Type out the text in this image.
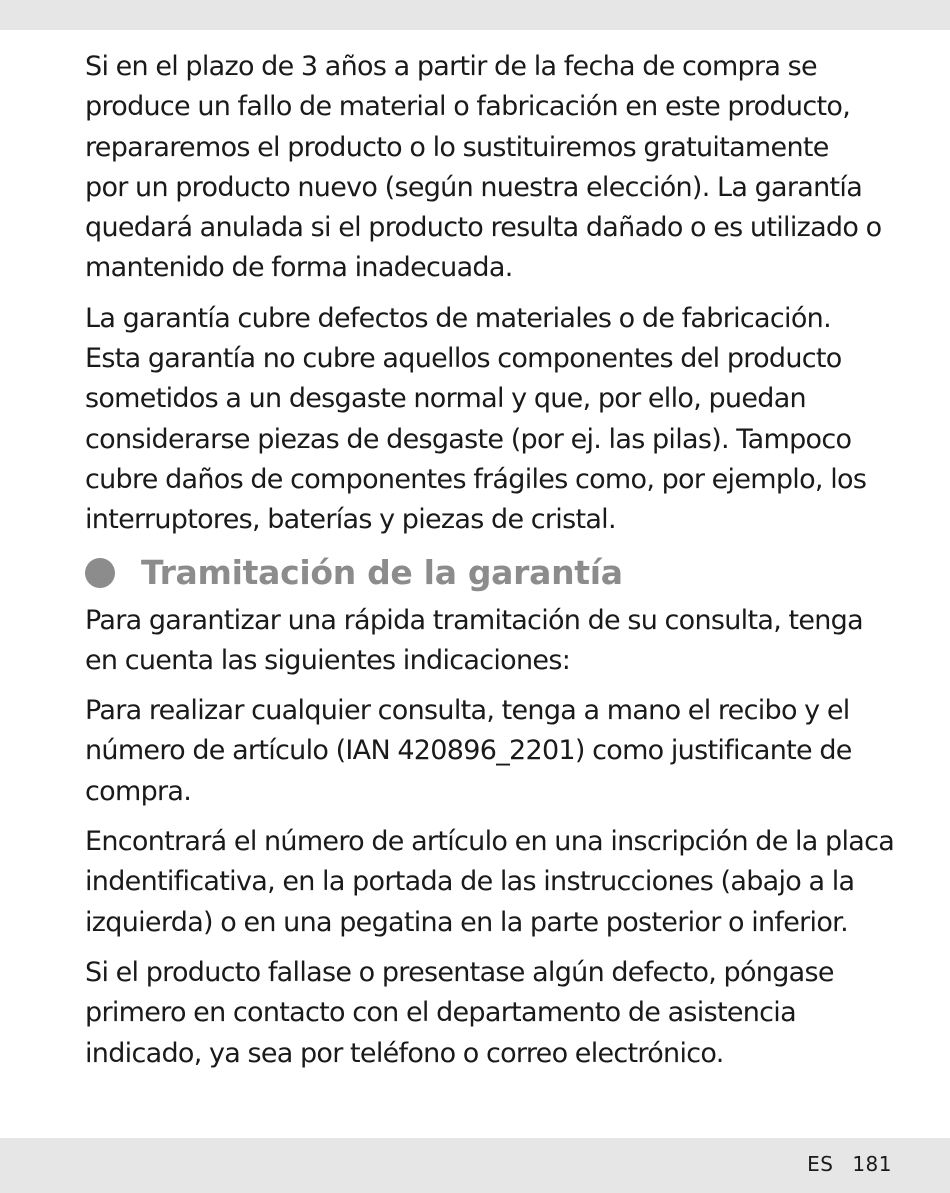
Si en el plazo de 3 años a partir de la fecha de compra se
produce un fallo de material o fabricación en este producto,
repararemos el producto o lo sustituiremos gratuitamente
por un producto nuevo (según nuestra elección). La garantía
quedará anulada si el producto resulta dañado o es utilizado o
mantenido de forma inadecuada.

La garantía cubre defectos de materiales o de fabricación.
Esta garantía no cubre aquellos componentes del producto
sometidos a un desgaste normal y que, por ello, puedan
considerarse piezas de desgaste (por ej. las pilas). Tampoco
cubre daños de componentes frágiles como, por ejemplo, los
interruptores, baterías y piezas de cristal.

Tramitación de la garantía

Para garantizar una rápida tramitación de su consulta, tenga
en cuenta las siguientes indicaciones:

Para realizar cualquier consulta, tenga a mano el recibo y el
número de artículo (IAN 420896_2201) como justificante de
compra.

Encontrará el número de artículo en una inscripción de la placa
indentificativa, en la portada de las instrucciones (abajo a la
izquierda) o en una pegatina en la parte posterior o inferior.

Si el producto fallase o presentase algún defecto, póngase
primero en contacto con el departamento de asistencia
indicado, ya sea por teléfono o correo electrónico.

ES 181
